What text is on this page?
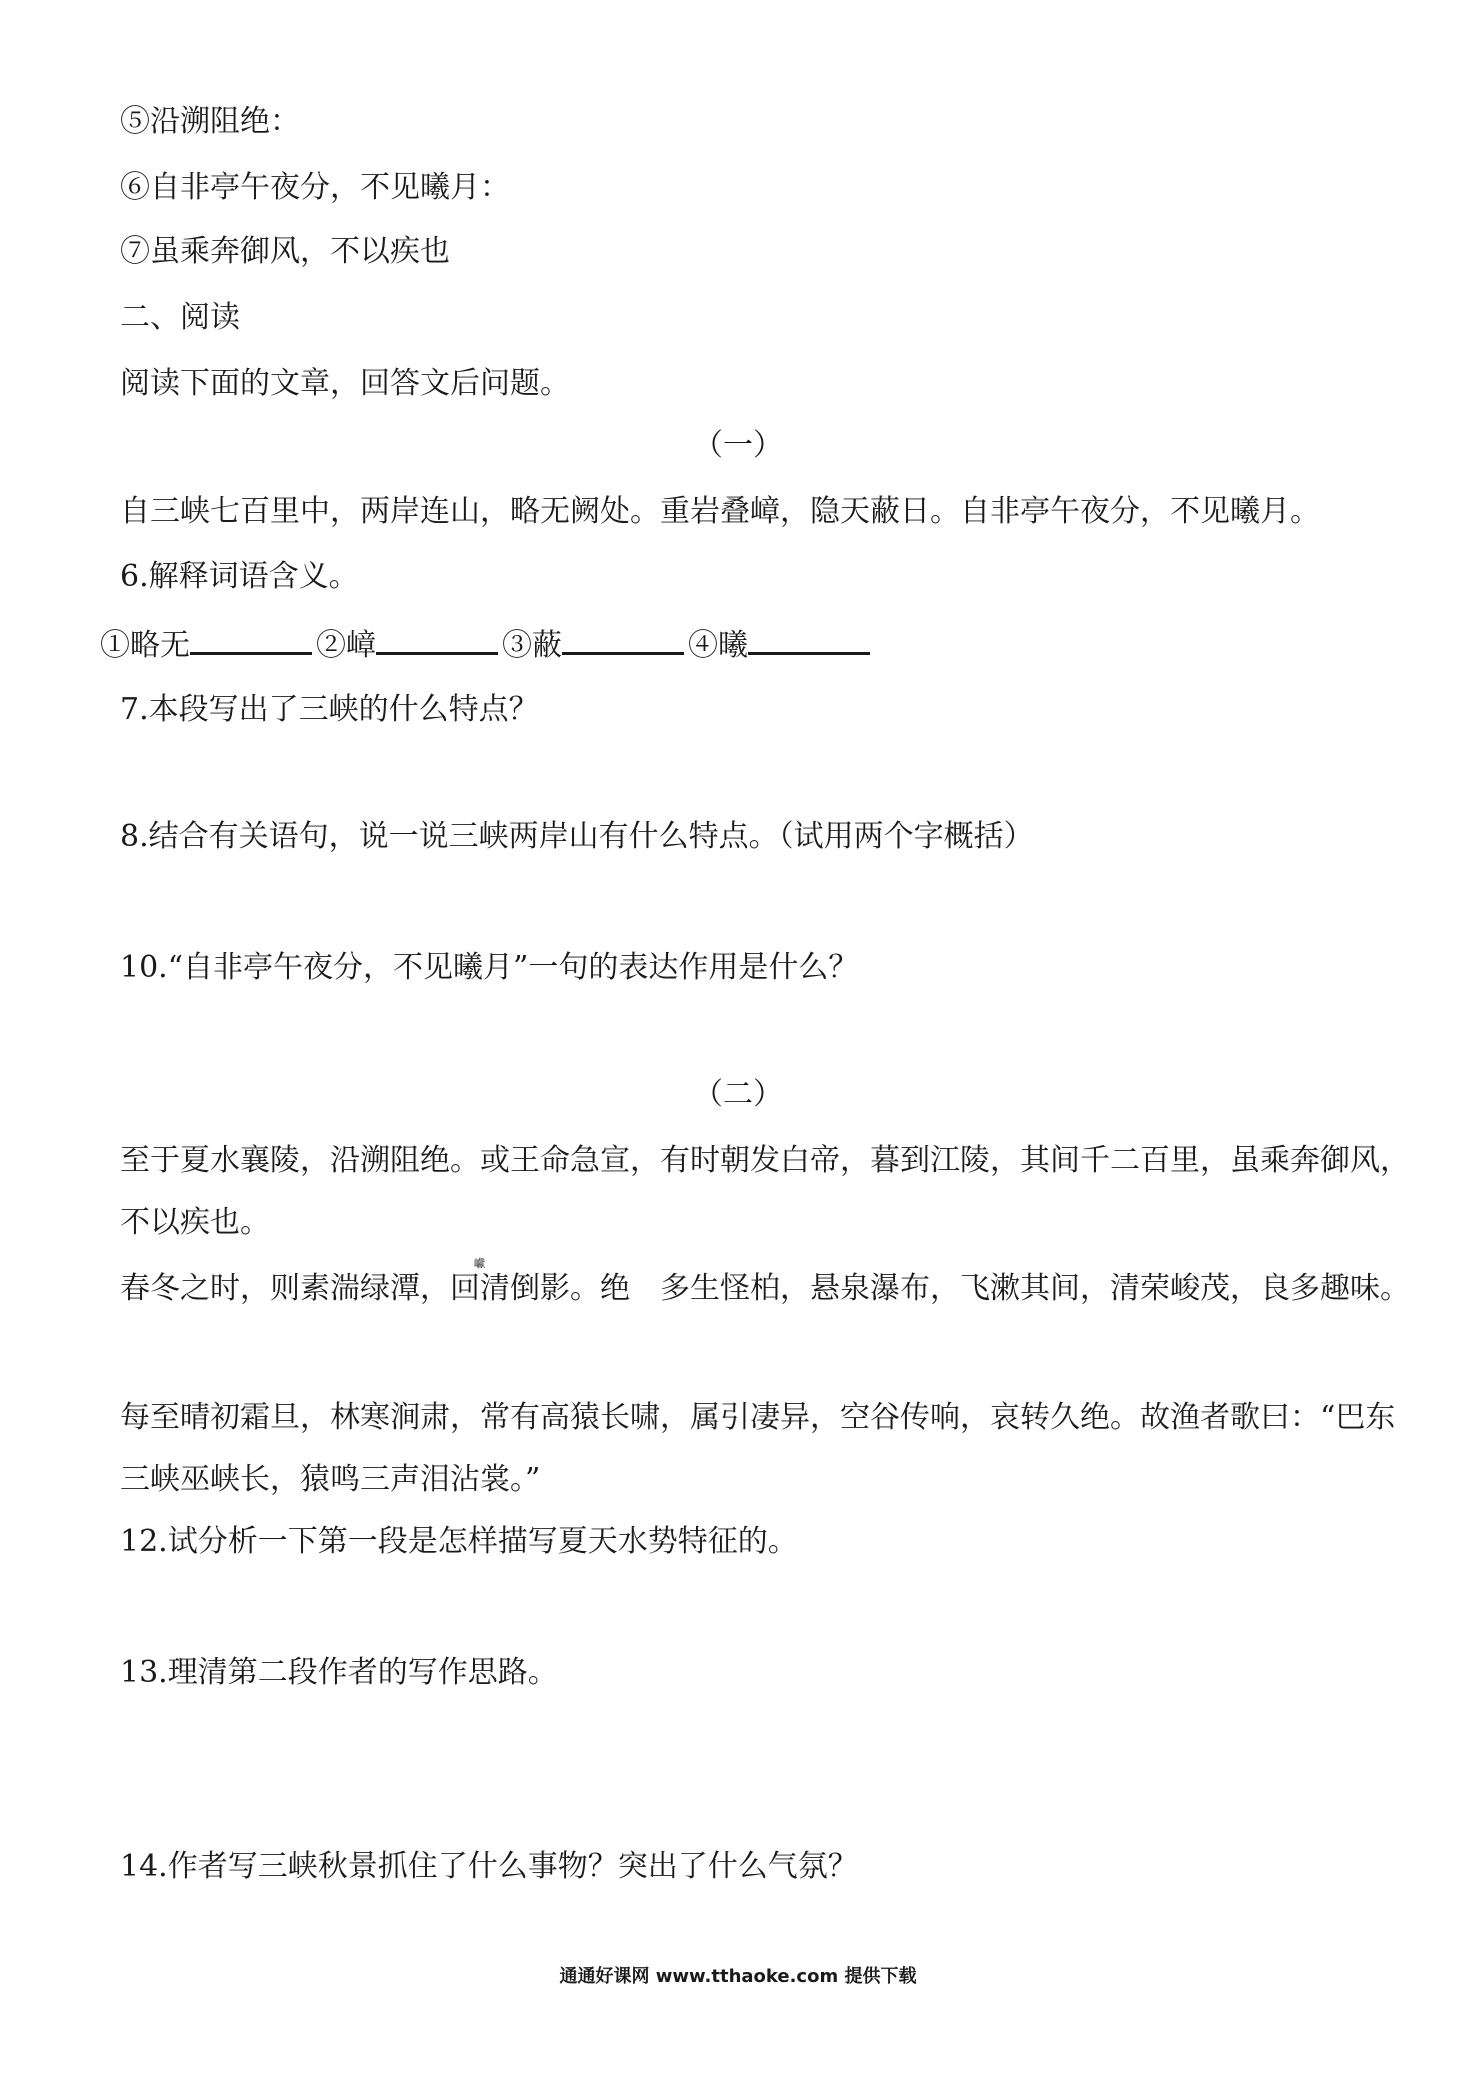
⑤沿溯阻绝：
⑥自非亭午夜分，不见曦月：
⑦虽乘奔御风，不以疾也
二、阅读
阅读下面的文章，回答文后问题。
（一）
自三峡七百里中，两岸连山，略无阙处。重岩叠嶂，隐天蔽日。自非亭午夜分，不见曦月。
6.解释词语含义。
①略无	②嶂	③蔽	④曦
7.本段写出了三峡的什么特点？
8.结合有关语句，说一说三峡两岸山有什么特点。（试用两个字概括）
10.“自非亭午夜分，不见曦月”一句的表达作用是什么？
（二）
至于夏水襄陵，沿溯阻绝。或王命急宣，有时朝发白帝，暮到江陵，其间千二百里，虽乘奔御风，不以疾也。
春冬之时，则素湍绿潭，回清倒影。绝　多生怪柏，悬泉瀑布，飞漱其间，清荣峻茂，良多趣味。
巘
每至晴初霜旦，林寒涧肃，常有高猿长啸，属引凄异，空谷传响，哀转久绝。故渔者歌曰：“巴东三峡巫峡长，猿鸣三声泪沾裳。”
12.试分析一下第一段是怎样描写夏天水势特征的。
13.理清第二段作者的写作思路。
14.作者写三峡秋景抓住了什么事物？突出了什么气氛？
通通好课网 www.tthaoke.com 提供下载
